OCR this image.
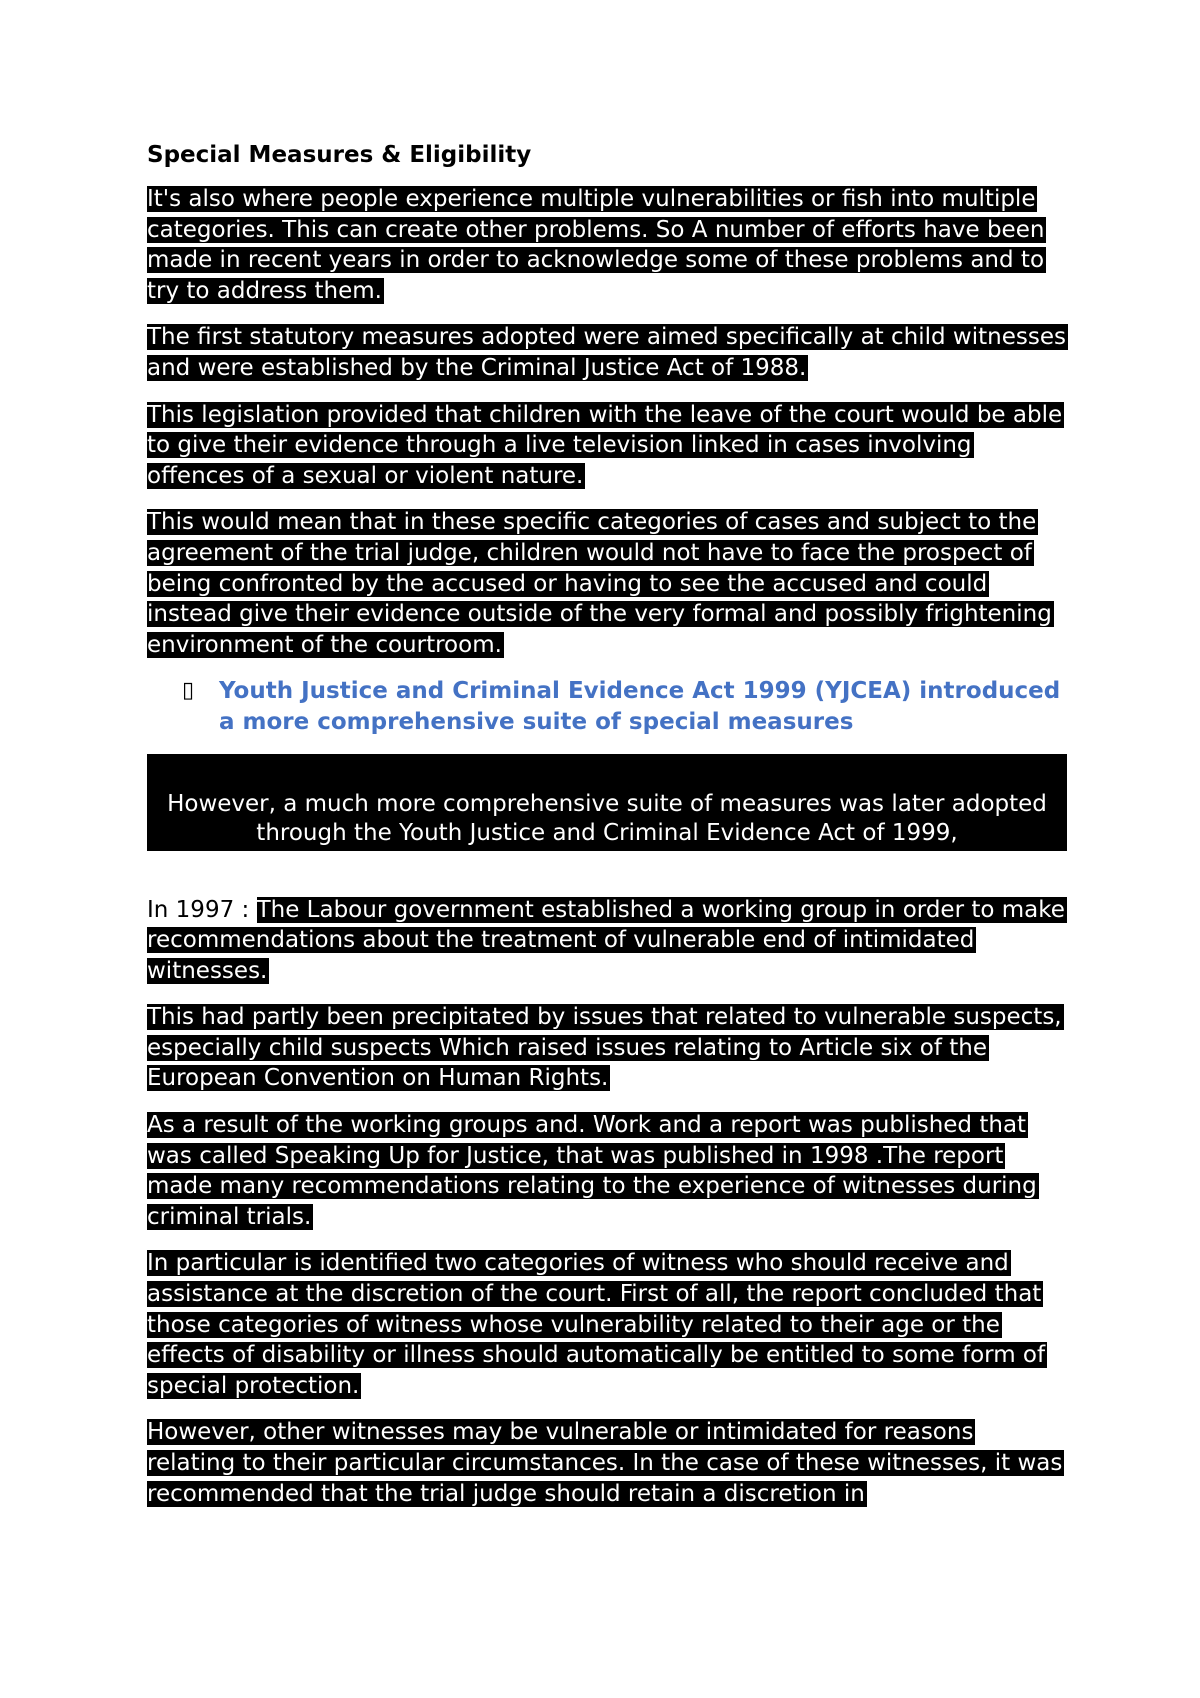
Special Measures & Eligibility

It's also where people experience multiple vulnerabilities or fish into multiple categories. This can create other problems. So A number of efforts have been made in recent years in order to acknowledge some of these problems and to try to address them.

The first statutory measures adopted were aimed specifically at child witnesses and were established by the Criminal Justice Act of 1988.

This legislation provided that children with the leave of the court would be able to give their evidence through a live television linked in cases involving offences of a sexual or violent nature.

This would mean that in these specific categories of cases and subject to the agreement of the trial judge, children would not have to face the prospect of being confronted by the accused or having to see the accused and could instead give their evidence outside of the very formal and possibly frightening environment of the courtroom.

▯	Youth Justice and Criminal Evidence Act 1999 (YJCEA) introduced a more comprehensive suite of special measures
However, a much more comprehensive suite of measures was later adopted through the Youth Justice and Criminal Evidence Act of 1999,

In 1997 : The Labour government established a working group in order to make recommendations about the treatment of vulnerable end of intimidated witnesses.

This had partly been precipitated by issues that related to vulnerable suspects, especially child suspects Which raised issues relating to Article six of the European Convention on Human Rights.

As a result of the working groups and. Work and a report was published that was called Speaking Up for Justice, that was published in 1998 .The report made many recommendations relating to the experience of witnesses during criminal trials.

In particular is identified two categories of witness who should receive and assistance at the discretion of the court. First of all, the report concluded that those categories of witness whose vulnerability related to their age or the effects of disability or illness should automatically be entitled to some form of special protection.

However, other witnesses may be vulnerable or intimidated for reasons relating to their particular circumstances. In the case of these witnesses, it was recommended that the trial judge should retain a discretion in
